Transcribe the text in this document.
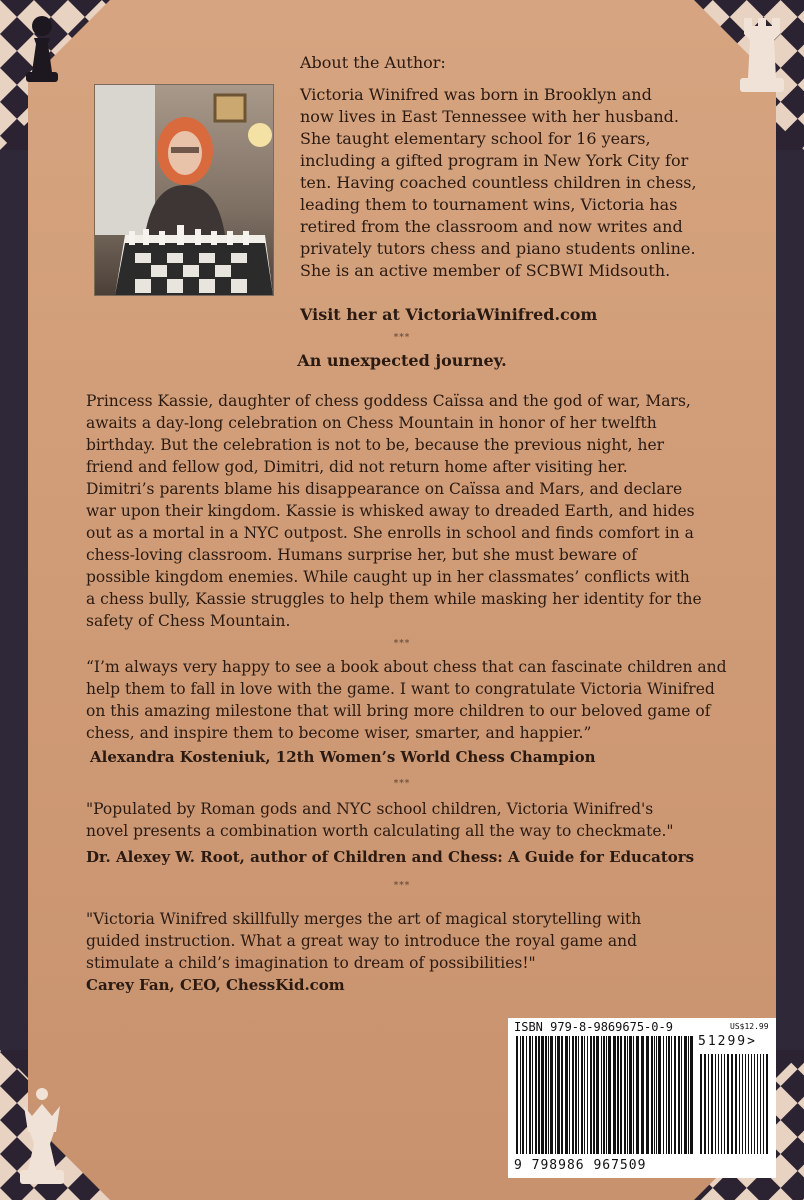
About the Author:
Victoria Winifred was born in Brooklyn and
now lives in East Tennessee with her husband.
She taught elementary school for 16 years,
including a gifted program in New York City for
ten. Having coached countless children in chess,
leading them to tournament wins, Victoria has
retired from the classroom and now writes and
privately tutors chess and piano students online.
She is an active member of SCBWI Midsouth.
Visit her at VictoriaWinifred.com
***
An unexpected journey.
Princess Kassie, daughter of chess goddess Caïssa and the god of war, Mars,
awaits a day-long celebration on Chess Mountain in honor of her twelfth
birthday. But the celebration is not to be, because the previous night, her
friend and fellow god, Dimitri, did not return home after visiting her.
Dimitri’s parents blame his disappearance on Caïssa and Mars, and declare
war upon their kingdom. Kassie is whisked away to dreaded Earth, and hides
out as a mortal in a NYC outpost. She enrolls in school and finds comfort in a
chess-loving classroom. Humans surprise her, but she must beware of
possible kingdom enemies. While caught up in her classmates’ conflicts with
a chess bully, Kassie struggles to help them while masking her identity for the
safety of Chess Mountain.
***
“I’m always very happy to see a book about chess that can fascinate children and
help them to fall in love with the game. I want to congratulate Victoria Winifred
on this amazing milestone that will bring more children to our beloved game of
chess, and inspire them to become wiser, smarter, and happier.”
Alexandra Kosteniuk, 12th Women’s World Chess Champion
***
"Populated by Roman gods and NYC school children, Victoria Winifred's
novel presents a combination worth calculating all the way to checkmate."
Dr. Alexey W. Root, author of Children and Chess: A Guide for Educators
***
"Victoria Winifred skillfully merges the art of magical storytelling with
guided instruction. What a great way to introduce the royal game and
stimulate a child’s imagination to dream of possibilities!"
Carey Fan, CEO, ChessKid.com
ISBN 979-8-9869675-0-9	US$12.99
51299>
9 798986 967509
